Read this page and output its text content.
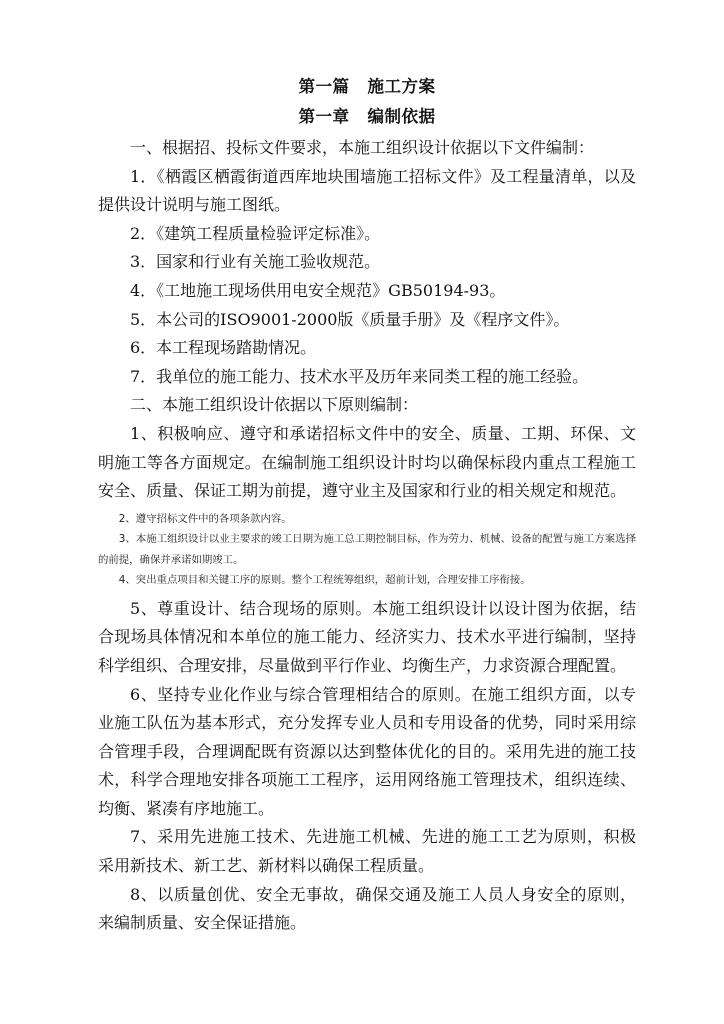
第一篇 施工方案
第一章 编制依据

一、根据招、投标文件要求，本施工组织设计依据以下文件编制：

1．《栖霞区栖霞街道西库地块围墙施工招标文件》及工程量清单，以及提供设计说明与施工图纸。

2．《建筑工程质量检验评定标准》。

3．国家和行业有关施工验收规范。

4．《工地施工现场供用电安全规范》GB50194-93。

5．本公司的ISO9001-2000版《质量手册》及《程序文件》。

6．本工程现场踏勘情况。

7．我单位的施工能力、技术水平及历年来同类工程的施工经验。

二、本施工组织设计依据以下原则编制：

1、积极响应、遵守和承诺招标文件中的安全、质量、工期、环保、文明施工等各方面规定。在编制施工组织设计时均以确保标段内重点工程施工安全、质量、保证工期为前提，遵守业主及国家和行业的相关规定和规范。

2、遵守招标文件中的各项条款内容。

3、本施工组织设计以业主要求的竣工日期为施工总工期控制目标，作为劳力、机械、设备的配置与施工方案选择的前提，确保并承诺如期竣工。

4、突出重点项目和关键工序的原则。整个工程统筹组织，超前计划，合理安排工序衔接。

5、尊重设计、结合现场的原则。本施工组织设计以设计图为依据，结合现场具体情况和本单位的施工能力、经济实力、技术水平进行编制，坚持科学组织、合理安排，尽量做到平行作业、均衡生产，力求资源合理配置。

6、坚持专业化作业与综合管理相结合的原则。在施工组织方面，以专业施工队伍为基本形式，充分发挥专业人员和专用设备的优势，同时采用综合管理手段，合理调配既有资源以达到整体优化的目的。采用先进的施工技术，科学合理地安排各项施工工程序，运用网络施工管理技术，组织连续、均衡、紧凑有序地施工。

7、采用先进施工技术、先进施工机械、先进的施工工艺为原则，积极采用新技术、新工艺、新材料以确保工程质量。

8、以质量创优、安全无事故，确保交通及施工人员人身安全的原则，来编制质量、安全保证措施。
